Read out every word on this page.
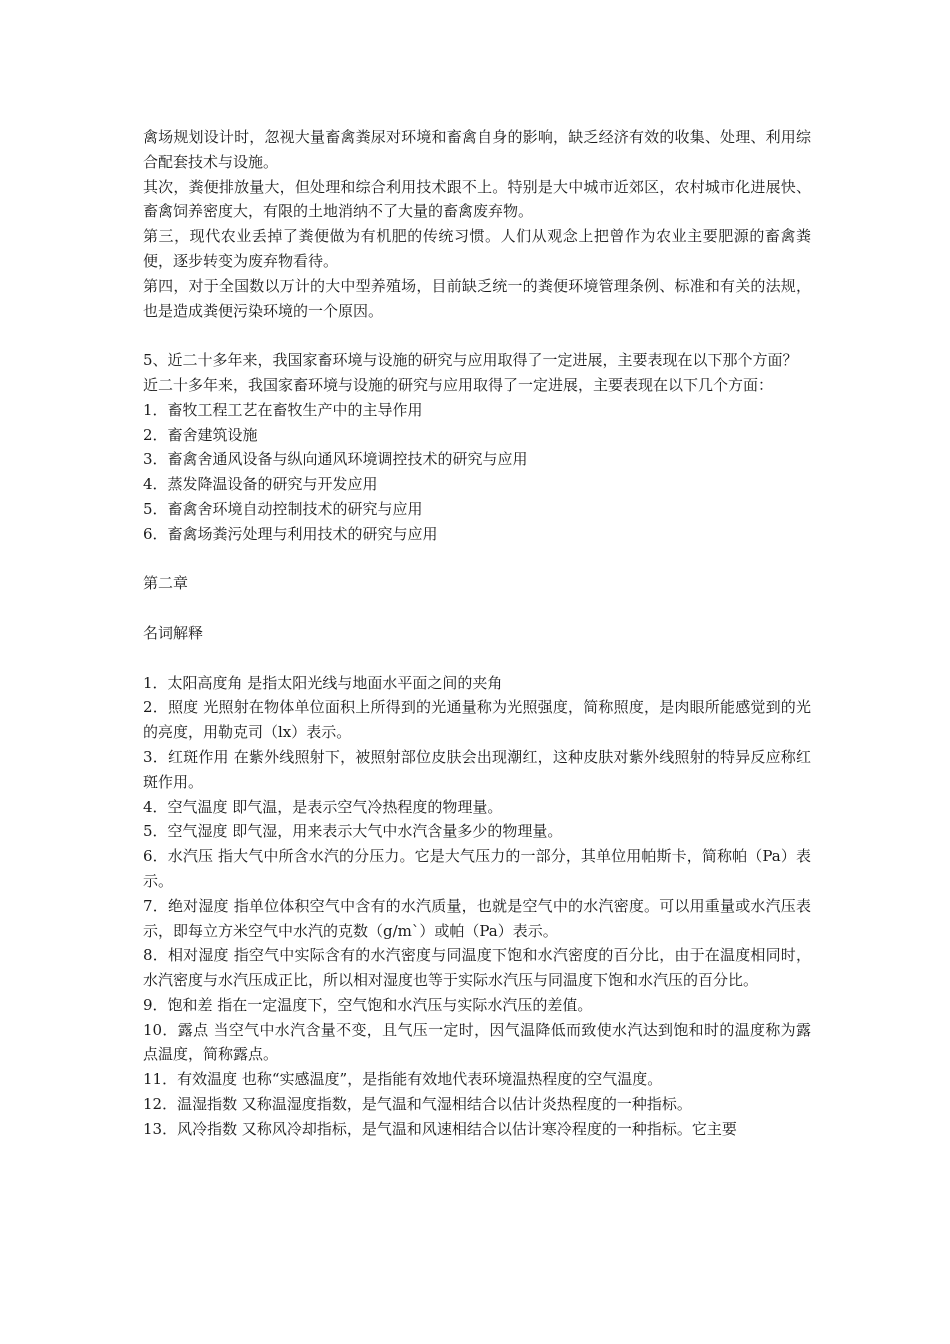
禽场规划设计时，忽视大量畜禽粪尿对环境和畜禽自身的影响，缺乏经济有效的收集、处理、利用综合配套技术与设施。

其次，粪便排放量大，但处理和综合利用技术跟不上。特别是大中城市近郊区，农村城市化进展快、畜禽饲养密度大，有限的土地消纳不了大量的畜禽废弃物。

第三，现代农业丢掉了粪便做为有机肥的传统习惯。人们从观念上把曾作为农业主要肥源的畜禽粪便，逐步转变为废弃物看待。

第四，对于全国数以万计的大中型养殖场，目前缺乏统一的粪便环境管理条例、标准和有关的法规，也是造成粪便污染环境的一个原因。

5、近二十多年来，我国家畜环境与设施的研究与应用取得了一定进展，主要表现在以下那个方面？

近二十多年来，我国家畜环境与设施的研究与应用取得了一定进展，主要表现在以下几个方面：

1．畜牧工程工艺在畜牧生产中的主导作用

2．畜舍建筑设施

3．畜禽舍通风设备与纵向通风环境调控技术的研究与应用

4．蒸发降温设备的研究与开发应用

5．畜禽舍环境自动控制技术的研究与应用

6．畜禽场粪污处理与利用技术的研究与应用

第二章

名词解释

1．太阳高度角 是指太阳光线与地面水平面之间的夹角

2．照度 光照射在物体单位面积上所得到的光通量称为光照强度，简称照度，是肉眼所能感觉到的光的亮度，用勒克司（lx）表示。

3．红斑作用 在紫外线照射下，被照射部位皮肤会出现潮红，这种皮肤对紫外线照射的特异反应称红斑作用。

4．空气温度 即气温，是表示空气冷热程度的物理量。

5．空气湿度 即气湿，用来表示大气中水汽含量多少的物理量。

6．水汽压 指大气中所含水汽的分压力。它是大气压力的一部分，其单位用帕斯卡，简称帕（Pa）表示。

7．绝对湿度 指单位体积空气中含有的水汽质量，也就是空气中的水汽密度。可以用重量或水汽压表示，即每立方米空气中水汽的克数（g/m`）或帕（Pa）表示。

8．相对湿度 指空气中实际含有的水汽密度与同温度下饱和水汽密度的百分比，由于在温度相同时，水汽密度与水汽压成正比，所以相对湿度也等于实际水汽压与同温度下饱和水汽压的百分比。

9．饱和差 指在一定温度下，空气饱和水汽压与实际水汽压的差值。

10．露点 当空气中水汽含量不变，且气压一定时，因气温降低而致使水汽达到饱和时的温度称为露点温度，简称露点。

11．有效温度 也称“实感温度”，是指能有效地代表环境温热程度的空气温度。

12．温湿指数 又称温湿度指数，是气温和气湿相结合以估计炎热程度的一种指标。

13．风冷指数 又称风冷却指标，是气温和风速相结合以估计寒冷程度的一种指标。它主要
